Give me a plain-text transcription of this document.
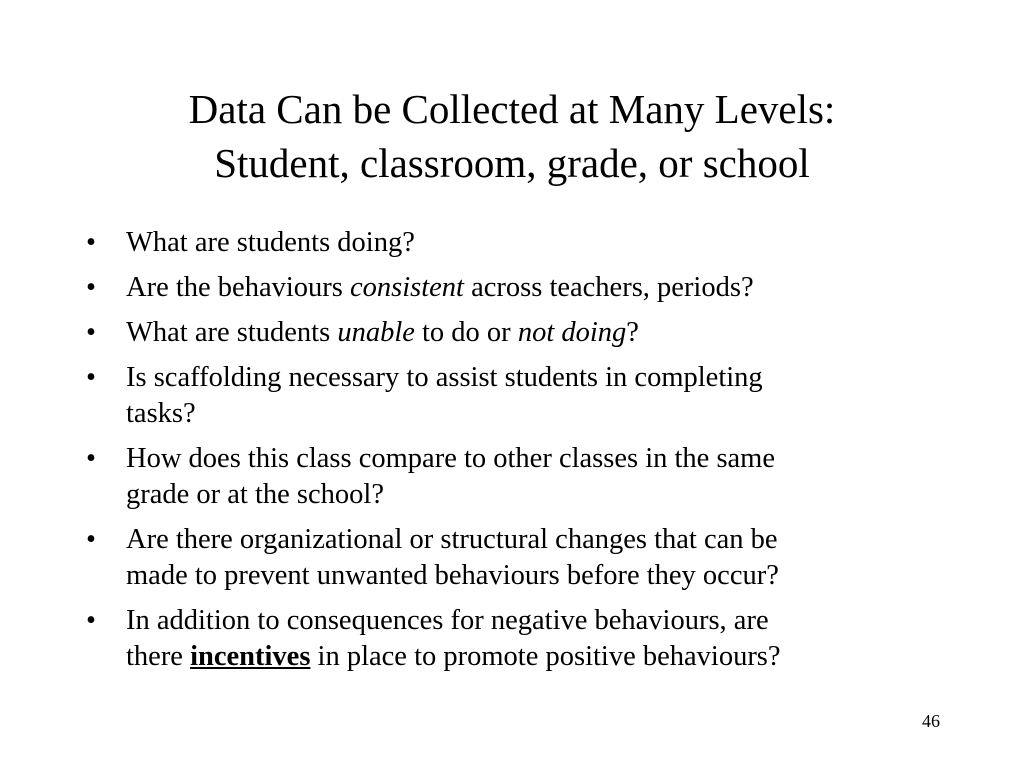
Data Can be Collected at Many Levels:
Student, classroom, grade, or school
• What are students doing?
• Are the behaviours consistent across teachers, periods?
• What are students unable to do or not doing?
• Is scaffolding necessary to assist students in completing
tasks?
• How does this class compare to other classes in the same
grade or at the school?
• Are there organizational or structural changes that can be
made to prevent unwanted behaviours before they occur?
• In addition to consequences for negative behaviours, are
there incentives in place to promote positive behaviours?
46
